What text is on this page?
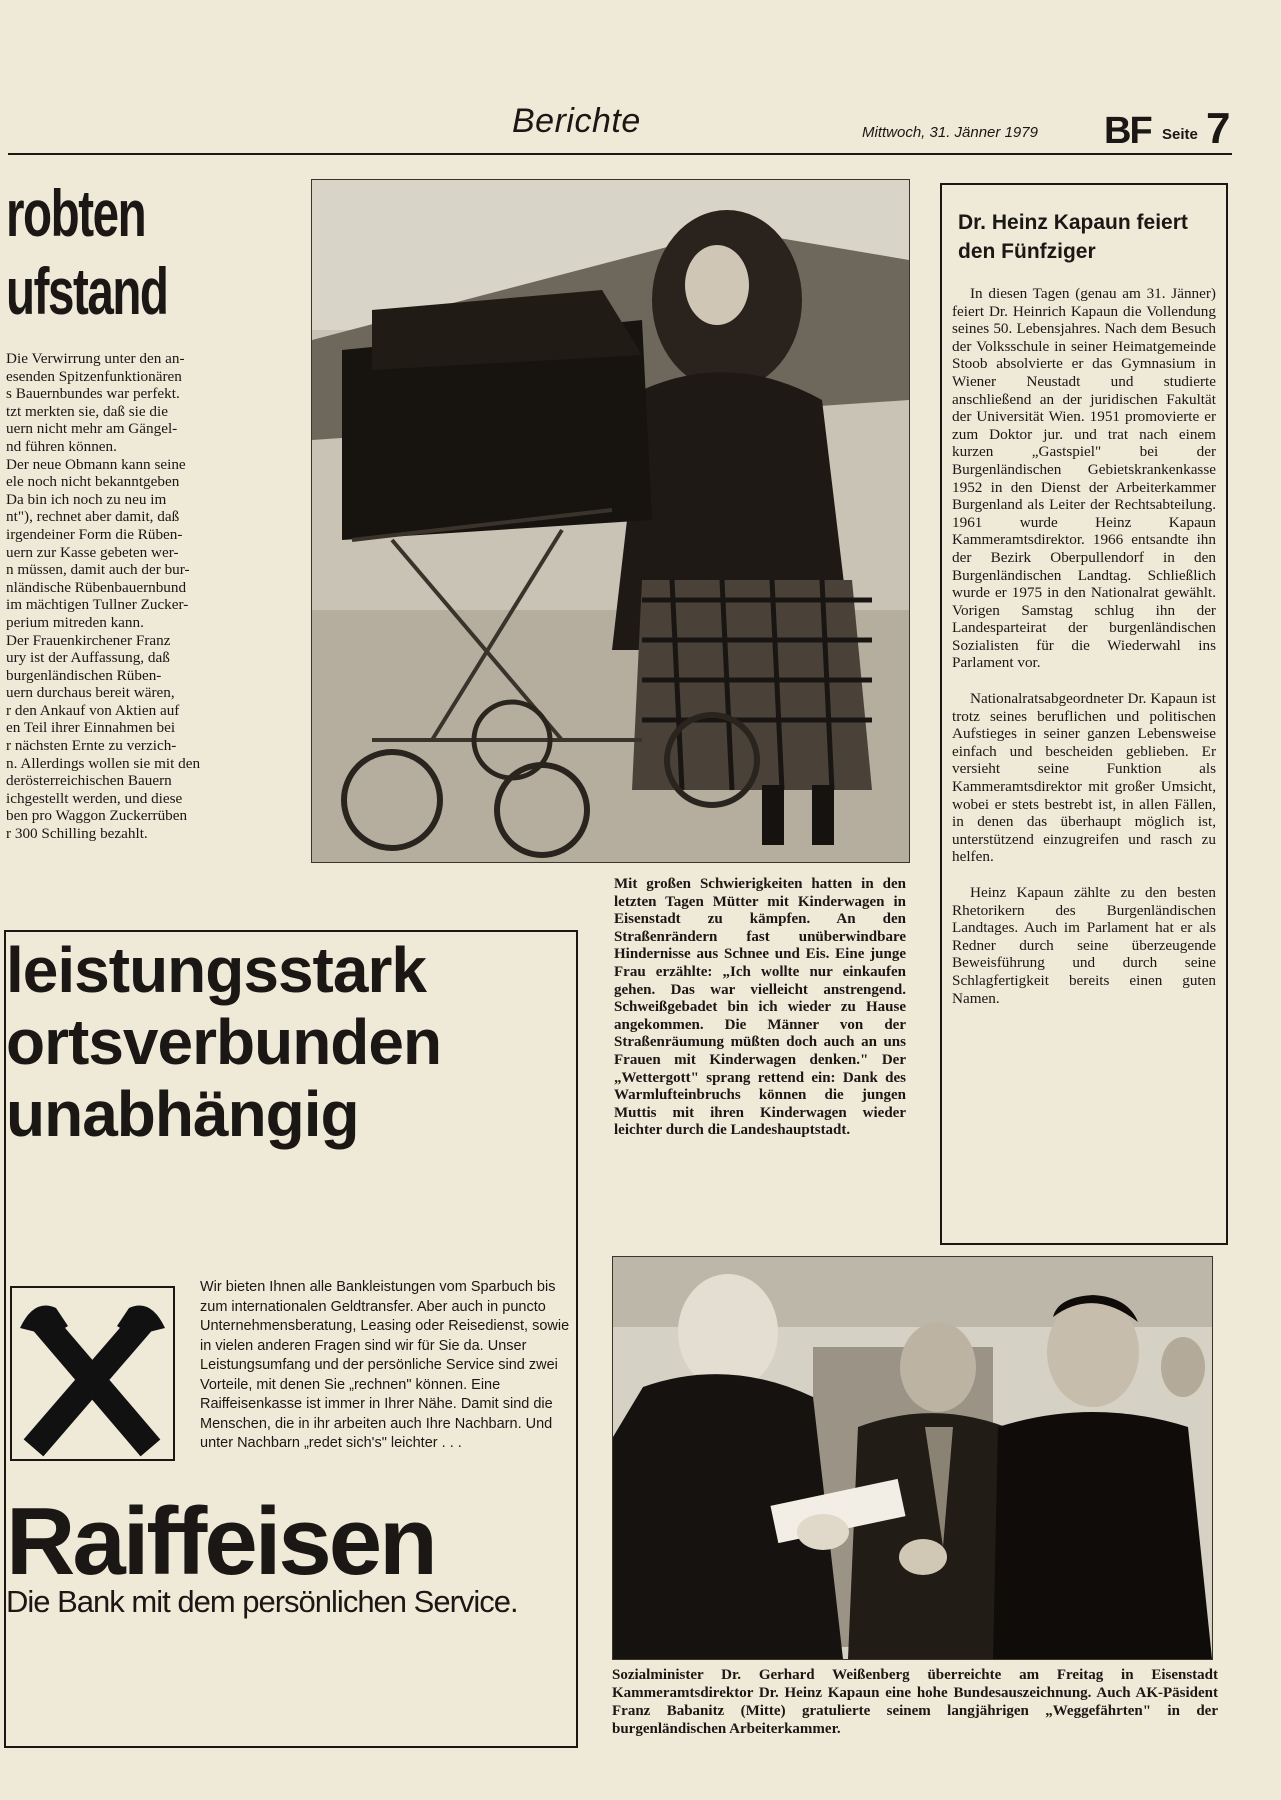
Berichte	Mittwoch, 31. Jänner 1979 BF Seite 7
robten
ufstand

Die Verwirrung unter den an-
esenden Spitzenfunktionären
s Bauernbundes war perfekt.
tzt merkten sie, daß sie die
uern nicht mehr am Gängel-
nd führen können.

Der neue Obmann kann seine
ele noch nicht bekanntgeben
Da bin ich noch zu neu im
nt"), rechnet aber damit, daß
irgendeiner Form die Rüben-
uern zur Kasse gebeten wer-
n müssen, damit auch der bur-
nländische Rübenbauernbund
im mächtigen Tullner Zucker-
perium mitreden kann.

Der Frauenkirchener Franz
ury ist der Auffassung, daß
burgenländischen Rüben-
uern durchaus bereit wären,
r den Ankauf von Aktien auf
en Teil ihrer Einnahmen bei
r nächsten Ernte zu verzich-
n. Allerdings wollen sie mit den
derösterreichischen Bauern
ichgestellt werden, und diese
ben pro Waggon Zuckerrüben
r 300 Schilling bezahlt.

Mit großen Schwierigkeiten hatten in den letzten Tagen Mütter mit Kinderwagen in Eisenstadt zu kämpfen. An den Straßenrändern fast unüberwindbare Hindernisse aus Schnee und Eis. Eine junge Frau erzählte: „Ich wollte nur einkaufen gehen. Das war vielleicht anstrengend. Schweißgebadet bin ich wieder zu Hause angekommen. Die Männer von der Straßenräumung müßten doch auch an uns Frauen mit Kinderwagen denken." Der „Wettergott" sprang rettend ein: Dank des Warmlufteinbruchs können die jungen Muttis mit ihren Kinderwagen wieder leichter durch die Landeshauptstadt.
Dr. Heinz Kapaun feiert den Fünfziger

In diesen Tagen (genau am 31. Jänner) feiert Dr. Heinrich Kapaun die Vollendung seines 50. Lebensjahres. Nach dem Besuch der Volksschule in seiner Heimatgemeinde Stoob absolvierte er das Gymnasium in Wiener Neustadt und studierte anschließend an der juridischen Fakultät der Universität Wien. 1951 promovierte er zum Doktor jur. und trat nach einem kurzen „Gastspiel" bei der Burgenländischen Gebietskrankenkasse 1952 in den Dienst der Arbeiterkammer Burgenland als Leiter der Rechtsabteilung. 1961 wurde Heinz Kapaun Kammeramtsdirektor. 1966 entsandte ihn der Bezirk Oberpullendorf in den Burgenländischen Landtag. Schließlich wurde er 1975 in den Nationalrat gewählt. Vorigen Samstag schlug ihn der Landesparteirat der burgenländischen Sozialisten für die Wiederwahl ins Parlament vor.

Nationalratsabgeordneter Dr. Kapaun ist trotz seines beruflichen und politischen Aufstieges in seiner ganzen Lebensweise einfach und bescheiden geblieben. Er versieht seine Funktion als Kammeramtsdirektor mit großer Umsicht, wobei er stets bestrebt ist, in allen Fällen, in denen das überhaupt möglich ist, unterstützend einzugreifen und rasch zu helfen.

Heinz Kapaun zählte zu den besten Rhetorikern des Burgenländischen Landtages. Auch im Parlament hat er als Redner durch seine überzeugende Beweisführung und durch seine Schlagfertigkeit bereits einen guten Namen.

leistungsstark
ortsverbunden
unabhängig
Wir bieten Ihnen alle Bankleistungen vom Sparbuch bis zum internationalen Geldtransfer. Aber auch in puncto Unternehmensberatung, Leasing oder Reisedienst, sowie in vielen anderen Fragen sind wir für Sie da. Unser Leistungsumfang und der persönliche Service sind zwei Vorteile, mit denen Sie „rechnen" können. Eine Raiffeisenkasse ist immer in Ihrer Nähe. Damit sind die Menschen, die in ihr arbeiten auch Ihre Nachbarn. Und unter Nachbarn „redet sich's" leichter . . .
Raiffeisen
Die Bank mit dem persönlichen Service.
Sozialminister Dr. Gerhard Weißenberg überreichte am Freitag in Eisenstadt Kammeramtsdirektor Dr. Heinz Kapaun eine hohe Bundesauszeichnung. Auch AK-Päsident Franz Babanitz (Mitte) gratulierte seinem langjährigen „Weggefährten" in der burgenländischen Arbeiterkammer.
